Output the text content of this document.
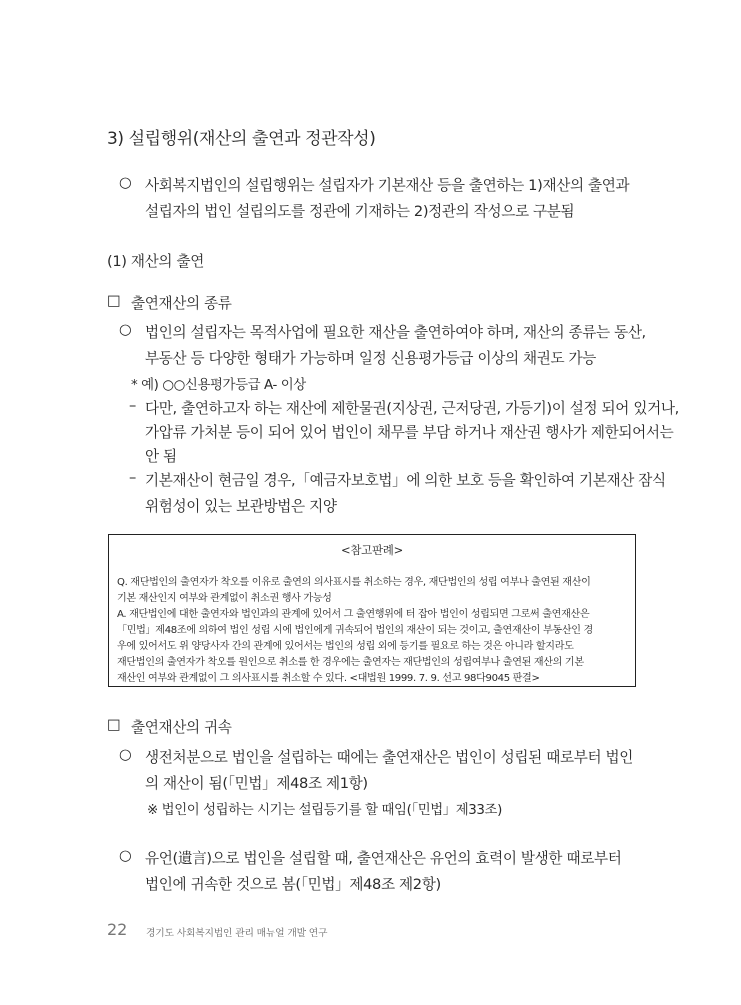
3) 설립행위(재산의 출연과 정관작성)
○ 사회복지법인의 설립행위는 설립자가 기본재산 등을 출연하는 1)재산의 출연과
설립자의 법인 설립의도를 정관에 기재하는 2)정관의 작성으로 구분됨
(1) 재산의 출연
□ 출연재산의 종류
○ 법인의 설립자는 목적사업에 필요한 재산을 출연하여야 하며, 재산의 종류는 동산,
부동산 등 다양한 형태가 가능하며 일정 신용평가등급 이상의 채권도 가능
* 예) ○○신용평가등급 A- 이상
– 다만, 출연하고자 하는 재산에 제한물권(지상권, 근저당권, 가등기)이 설정 되어 있거나,
가압류 가처분 등이 되어 있어 법인이 채무를 부담 하거나 재산권 행사가 제한되어서는
안 됨
– 기본재산이 현금일 경우,「예금자보호법」에 의한 보호 등을 확인하여 기본재산 잠식
위험성이 있는 보관방법은 지양
<참고판례>
Q. 재단법인의 출연자가 착오를 이유로 출연의 의사표시를 취소하는 경우, 재단법인의 성립 여부나 출연된 재산이
기본 재산인지 여부와 관계없이 취소권 행사 가능성
A. 재단법인에 대한 출연자와 법인과의 관계에 있어서 그 출연행위에 터 잡아 법인이 성립되면 그로써 출연재산은
「민법」제48조에 의하여 법인 성립 시에 법인에게 귀속되어 법인의 재산이 되는 것이고, 출연재산이 부동산인 경
우에 있어서도 위 양당사자 간의 관계에 있어서는 법인의 성립 외에 등기를 필요로 하는 것은 아니라 할지라도
재단법인의 출연자가 착오를 원인으로 취소를 한 경우에는 출연자는 재단법인의 성립여부나 출연된 재산의 기본
재산인 여부와 관계없이 그 의사표시를 취소할 수 있다. <대법원 1999. 7. 9. 선고 98다9045 판결>
□ 출연재산의 귀속
○ 생전처분으로 법인을 설립하는 때에는 출연재산은 법인이 성립된 때로부터 법인
의 재산이 됨(「민법」제48조 제1항)
※ 법인이 성립하는 시기는 설립등기를 할 때임(「민법」제33조)
○ 유언(遺言)으로 법인을 설립할 때, 출연재산은 유언의 효력이 발생한 때로부터
법인에 귀속한 것으로 봄(「민법」제48조 제2항)
22 경기도 사회복지법인 관리 매뉴얼 개발 연구
